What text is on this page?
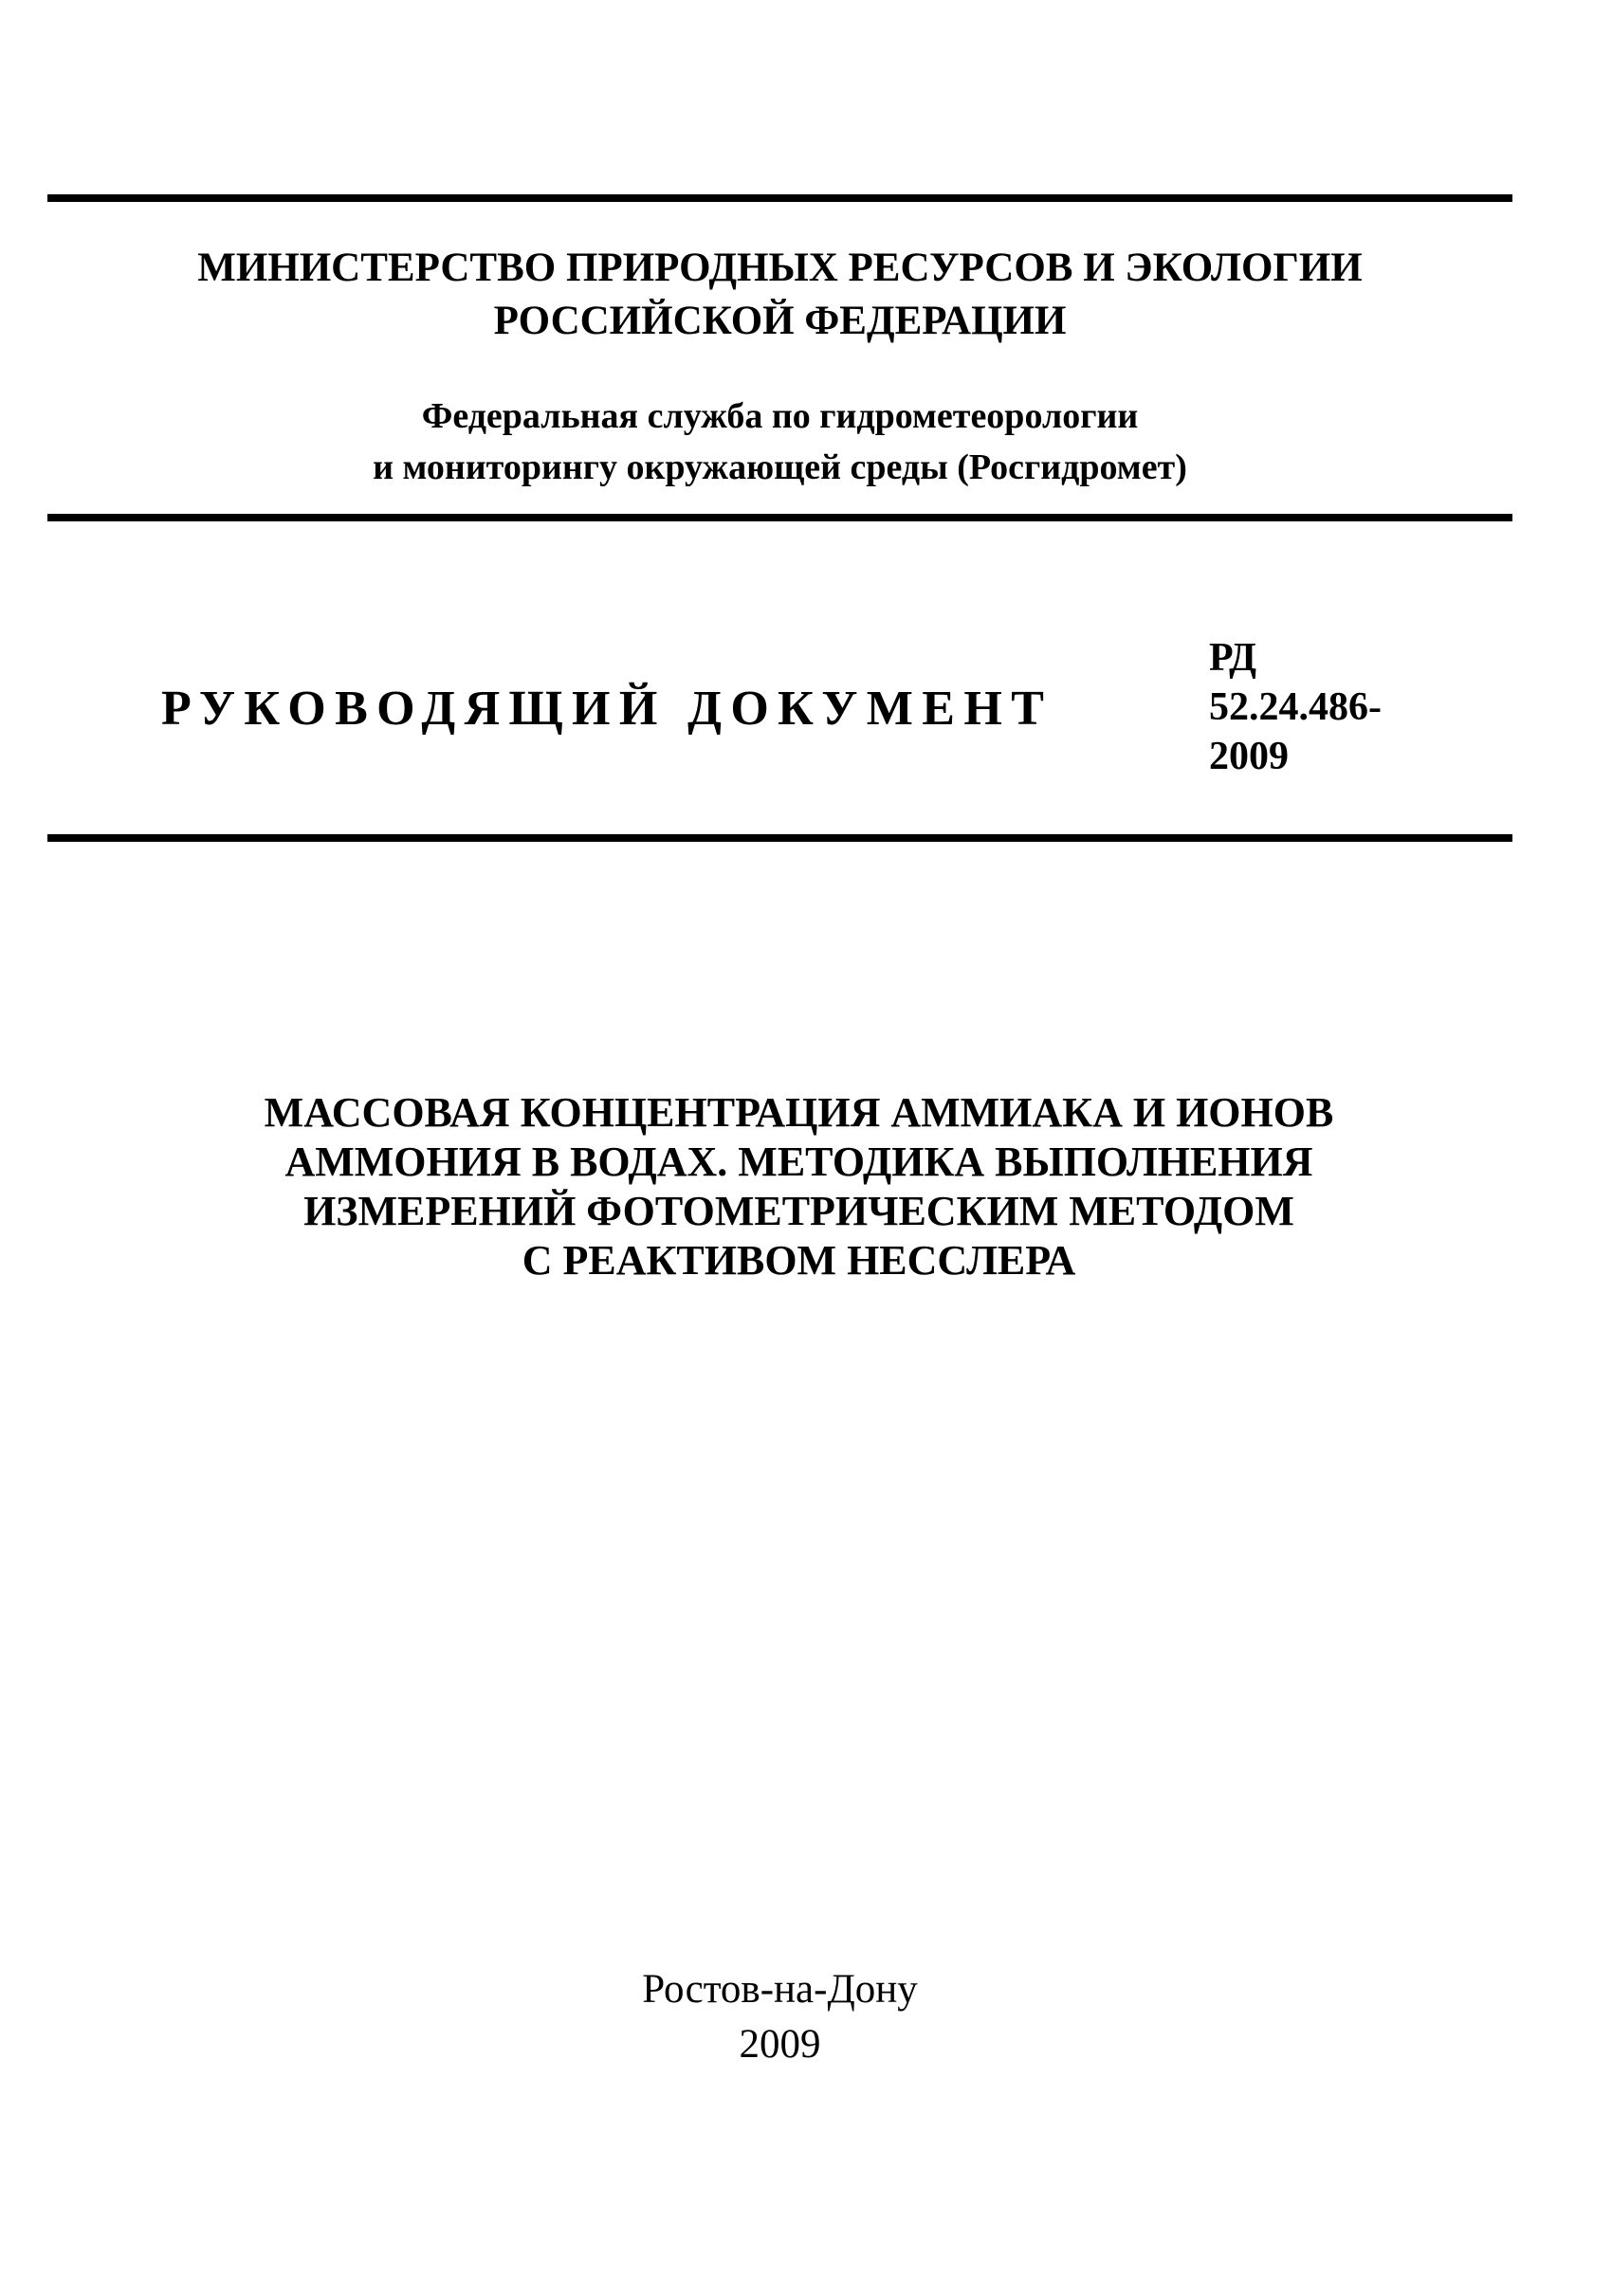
МИНИСТЕРСТВО ПРИРОДНЫХ РЕСУРСОВ И ЭКОЛОГИИ
РОССИЙСКОЙ ФЕДЕРАЦИИ
Федеральная служба по гидрометеорологии
и мониторингу окружающей среды (Росгидромет)
РУКОВОДЯЩИЙ ДОКУМЕНТ
РД
52.24.486-
2009
МАССОВАЯ КОНЦЕНТРАЦИЯ АММИАКА И ИОНОВ
АММОНИЯ В ВОДАХ. МЕТОДИКА ВЫПОЛНЕНИЯ
ИЗМЕРЕНИЙ ФОТОМЕТРИЧЕСКИМ МЕТОДОМ
С РЕАКТИВОМ НЕССЛЕРА
Ростов-на-Дону
2009
